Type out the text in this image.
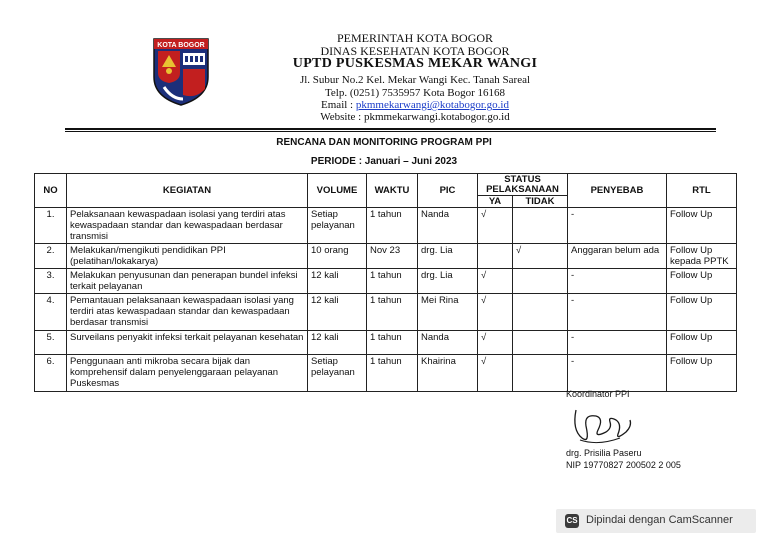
KOTA BOGOR
PEMERINTAH KOTA BOGOR
DINAS KESEHATAN KOTA BOGOR
UPTD PUSKESMAS MEKAR WANGI
Jl. Subur No.2 Kel. Mekar Wangi Kec. Tanah Sareal
Telp. (0251) 7535957 Kota Bogor 16168
Email : pkmmekarwangi@kotabogor.go.id
Website : pkmmekarwangi.kotabogor.go.id
RENCANA DAN MONITORING PROGRAM PPI
PERIODE : Januari – Juni 2023
NO	KEGIATAN	VOLUME	WAKTU	PIC	STATUS PELAKSANAAN		PENYEBAB	RTL
					YA	TIDAK		
1.	Pelaksanaan kewaspadaan isolasi yang terdiri atas kewaspadaan standar dan kewaspadaan berdasar transmisi	Setiap pelayanan	1 tahun	Nanda	√		-	Follow Up
2.	Melakukan/mengikuti pendidikan PPI (pelatihan/lokakarya)	10 orang	Nov 23	drg. Lia		√	Anggaran belum ada	Follow Up kepada PPTK
3.	Melakukan penyusunan dan penerapan bundel infeksi terkait pelayanan	12 kali	1 tahun	drg. Lia	√		-	Follow Up
4.	Pemantauan pelaksanaan kewaspadaan isolasi yang terdiri atas kewaspadaan standar dan kewaspadaan berdasar transmisi	12 kali	1 tahun	Mei Rina	√		-	Follow Up
5.	Surveilans penyakit infeksi terkait pelayanan kesehatan	12 kali	1 tahun	Nanda	√		-	Follow Up
6.	Penggunaan anti mikroba secara bijak dan komprehensif dalam penyelenggaraan pelayanan Puskesmas	Setiap pelayanan	1 tahun	Khairina	√		-	Follow Up
Koordinator PPI
drg. Prisilia Paseru
NIP 19770827 200502 2 005
CS Dipindai dengan CamScanner
